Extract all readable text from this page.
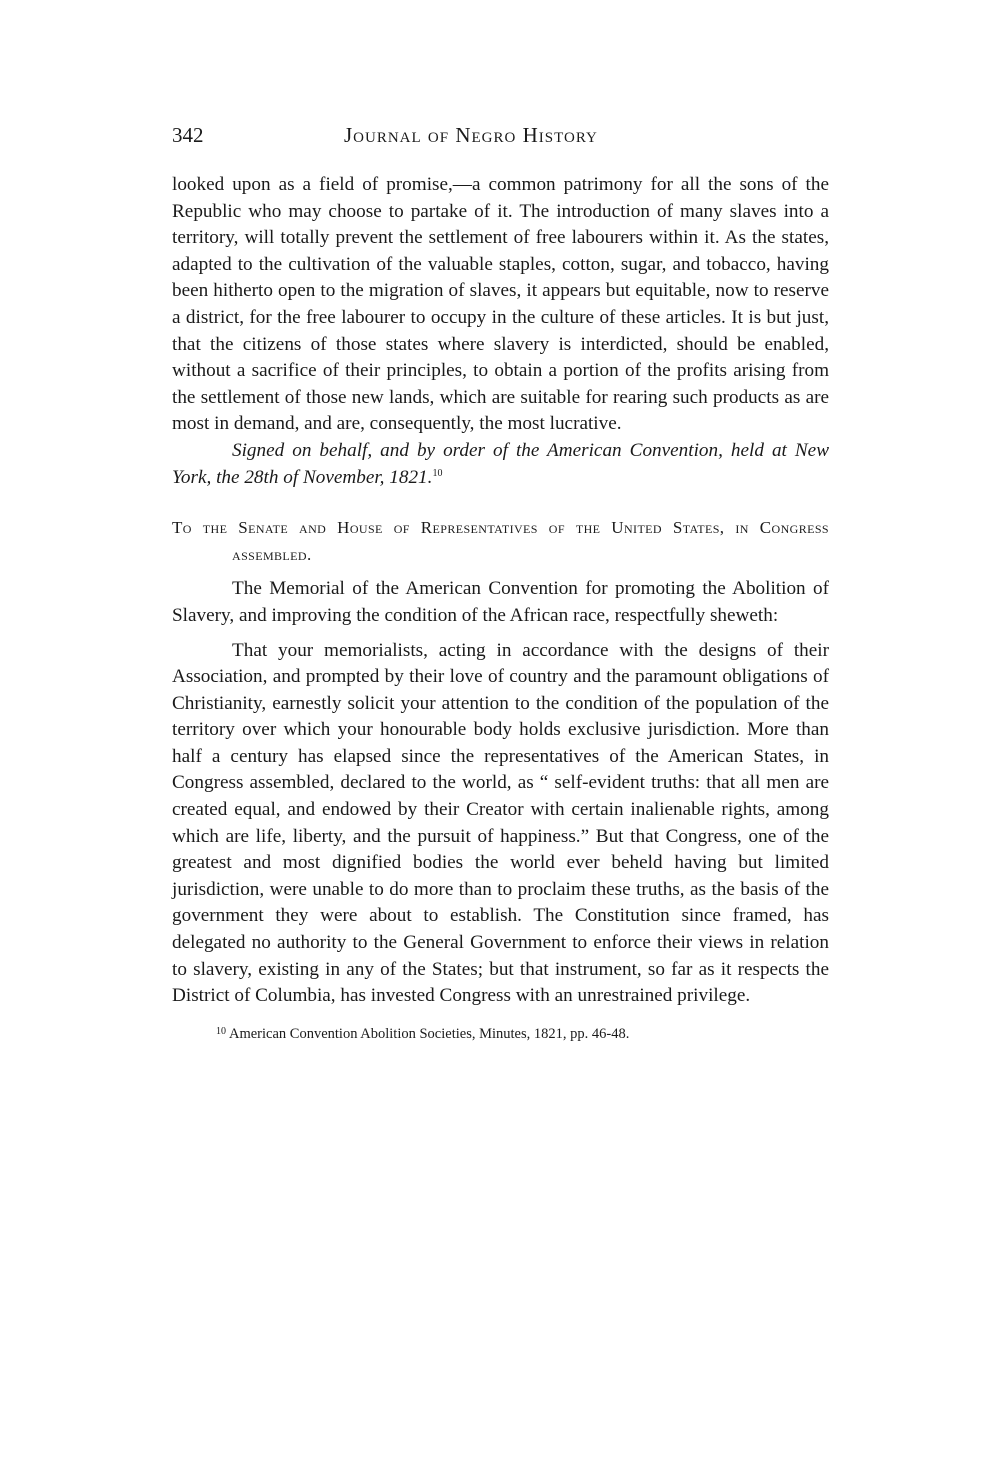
342	Journal of Negro History

looked upon as a field of promise,—a common patrimony for all the sons of the Republic who may choose to partake of it. The introduction of many slaves into a territory, will totally prevent the settlement of free labourers within it. As the states, adapted to the cultivation of the valuable staples, cotton, sugar, and tobacco, having been hitherto open to the migration of slaves, it appears but equitable, now to reserve a district, for the free labourer to occupy in the culture of these articles. It is but just, that the citizens of those states where slavery is interdicted, should be enabled, without a sacrifice of their principles, to obtain a portion of the profits arising from the settlement of those new lands, which are suitable for rearing such products as are most in demand, and are, consequently, the most lucrative.

Signed on behalf, and by order of the American Convention, held at New York, the 28th of November, 1821.10

To the Senate and House of Representatives of the United States, in Congress assembled.

The Memorial of the American Convention for promoting the Abolition of Slavery, and improving the condition of the African race, respectfully sheweth:

That your memorialists, acting in accordance with the designs of their Association, and prompted by their love of country and the paramount obligations of Christianity, earnestly solicit your attention to the condition of the population of the territory over which your honourable body holds exclusive jurisdiction. More than half a century has elapsed since the representatives of the American States, in Congress assembled, declared to the world, as “ self-evident truths: that all men are created equal, and endowed by their Creator with certain inalienable rights, among which are life, liberty, and the pursuit of happiness.” But that Congress, one of the greatest and most dignified bodies the world ever beheld having but limited jurisdiction, were unable to do more than to proclaim these truths, as the basis of the government they were about to establish. The Constitution since framed, has delegated no authority to the General Government to enforce their views in relation to slavery, existing in any of the States; but that instrument, so far as it respects the District of Columbia, has invested Congress with an unrestrained privilege.

$^{10}$ American Convention Abolition Societies, Minutes, 1821, pp. 46-48.
